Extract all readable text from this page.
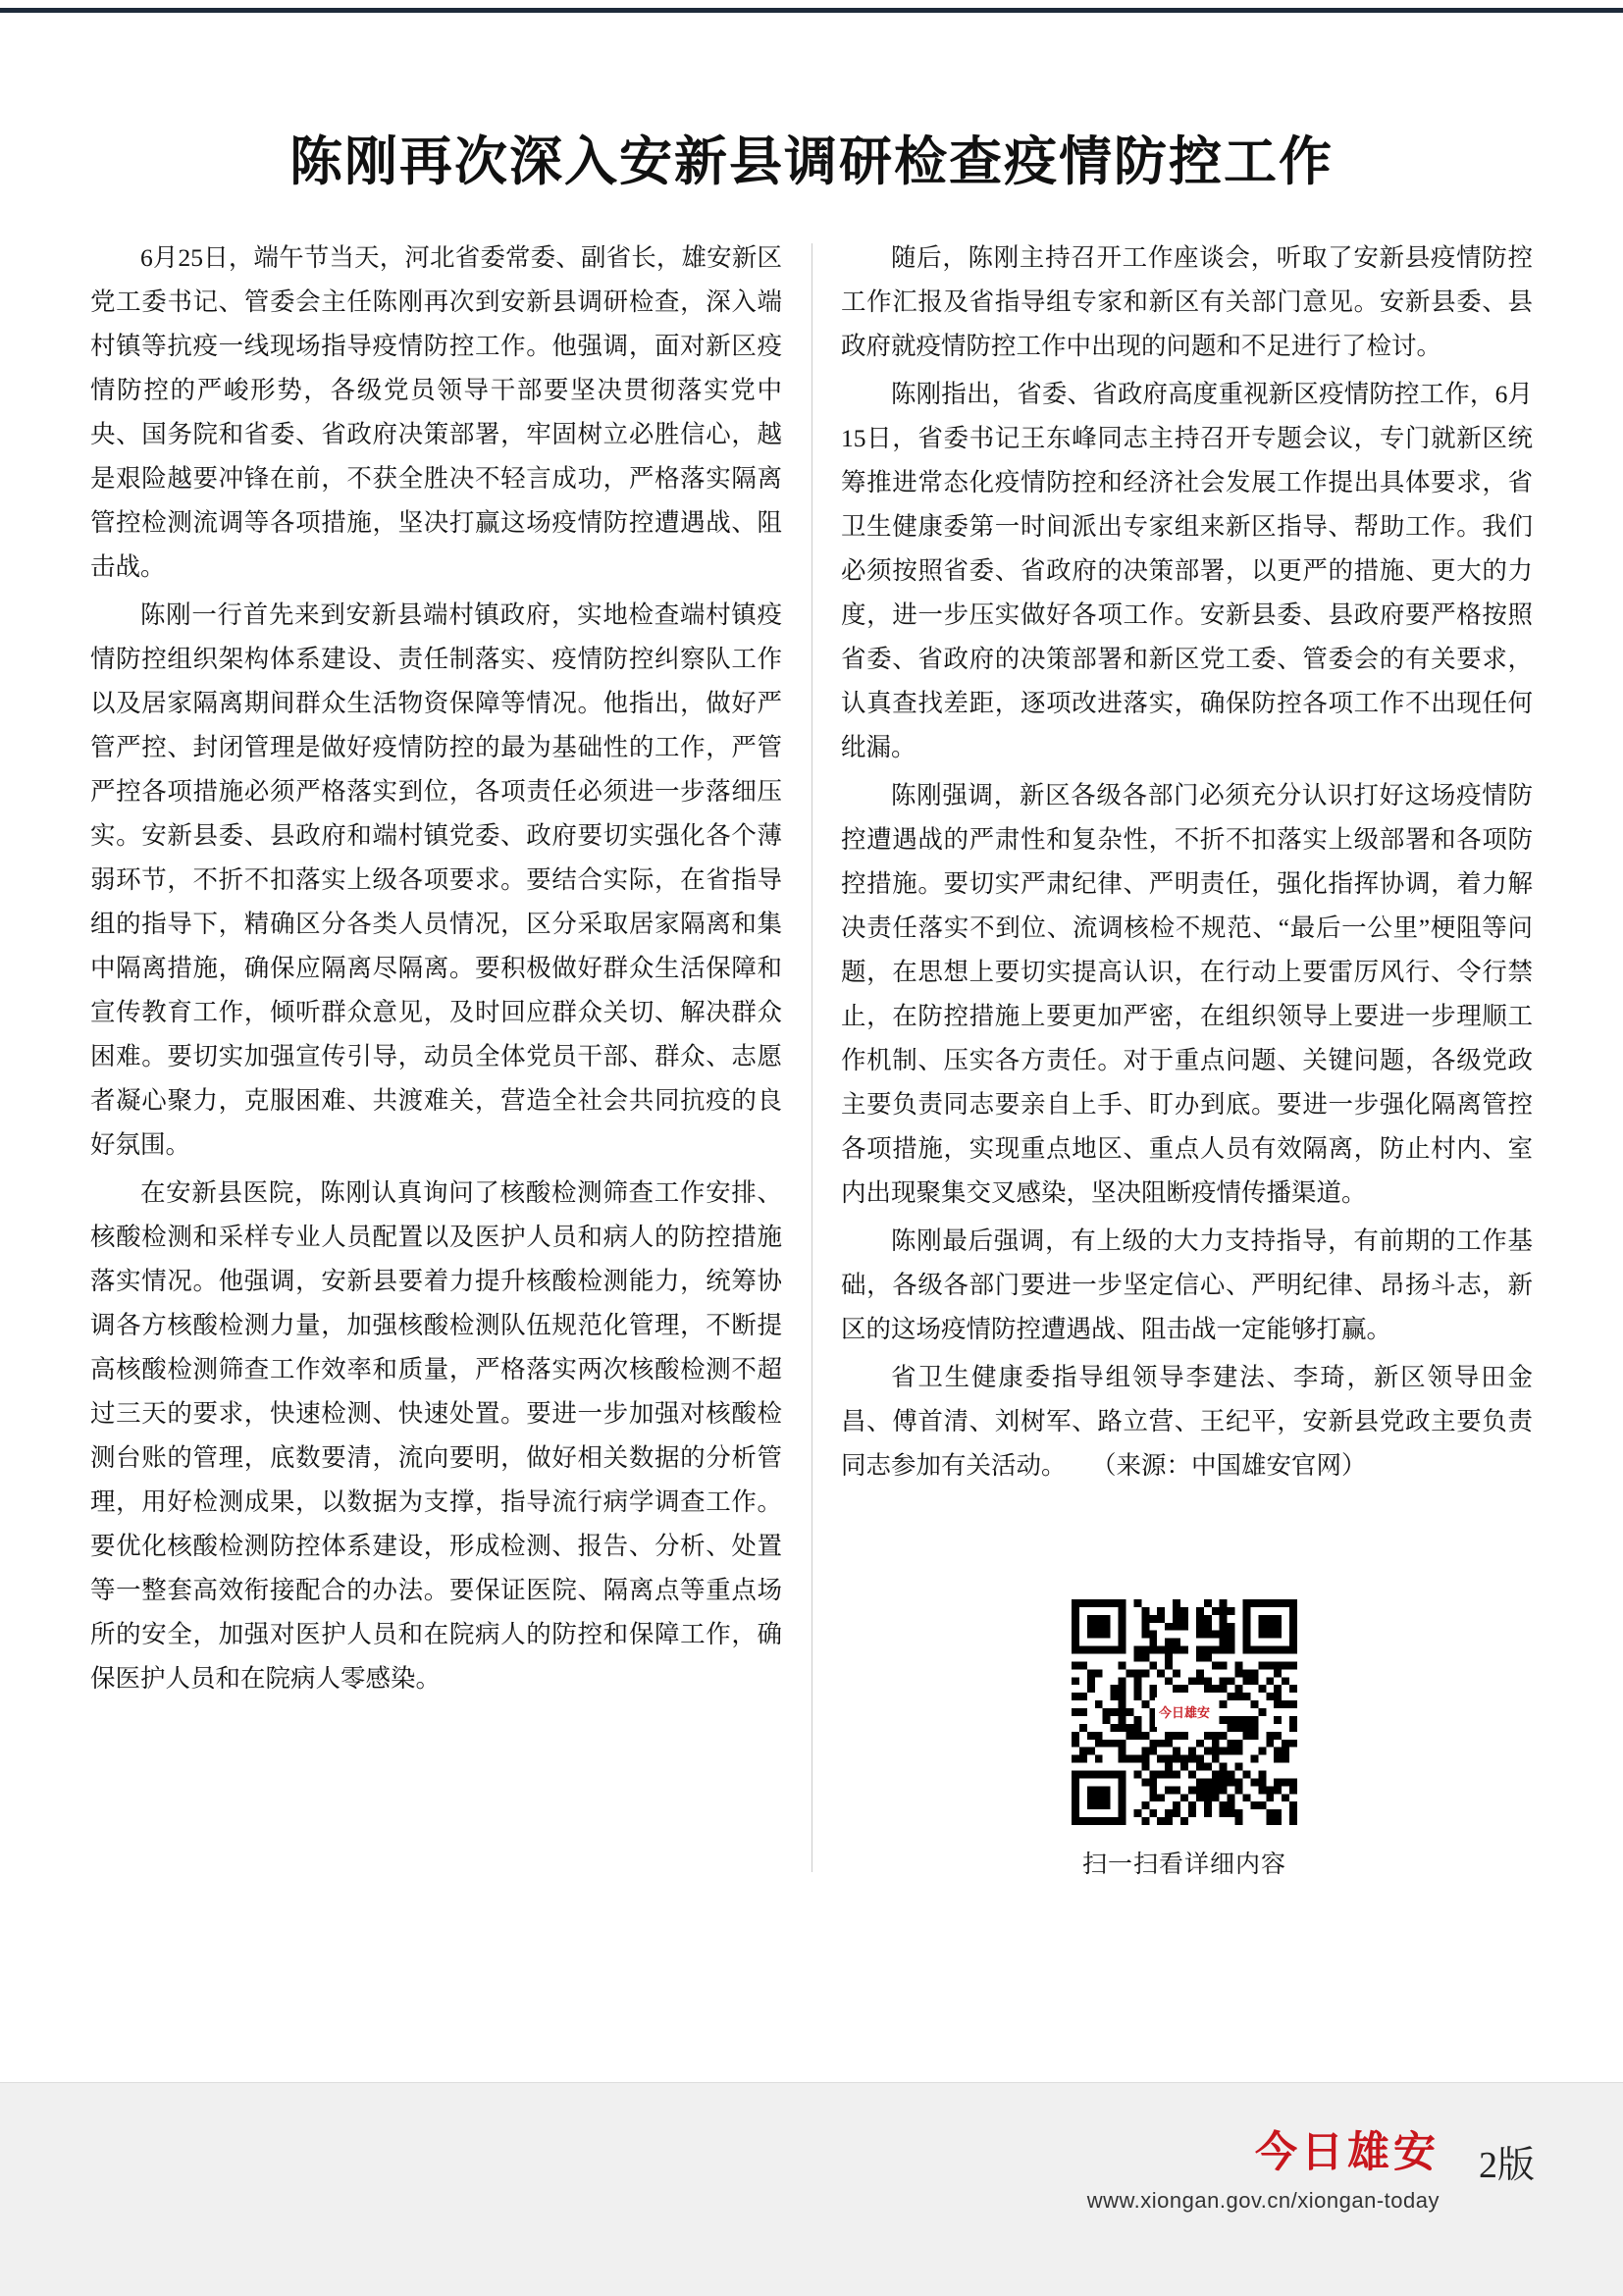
陈刚再次深入安新县调研检查疫情防控工作

6月25日，端午节当天，河北省委常委、副省长，雄安新区党工委书记、管委会主任陈刚再次到安新县调研检查，深入端村镇等抗疫一线现场指导疫情防控工作。他强调，面对新区疫情防控的严峻形势，各级党员领导干部要坚决贯彻落实党中央、国务院和省委、省政府决策部署，牢固树立必胜信心，越是艰险越要冲锋在前，不获全胜决不轻言成功，严格落实隔离管控检测流调等各项措施，坚决打赢这场疫情防控遭遇战、阻击战。

陈刚一行首先来到安新县端村镇政府，实地检查端村镇疫情防控组织架构体系建设、责任制落实、疫情防控纠察队工作以及居家隔离期间群众生活物资保障等情况。他指出，做好严管严控、封闭管理是做好疫情防控的最为基础性的工作，严管严控各项措施必须严格落实到位，各项责任必须进一步落细压实。安新县委、县政府和端村镇党委、政府要切实强化各个薄弱环节，不折不扣落实上级各项要求。要结合实际，在省指导组的指导下，精确区分各类人员情况，区分采取居家隔离和集中隔离措施，确保应隔离尽隔离。要积极做好群众生活保障和宣传教育工作，倾听群众意见，及时回应群众关切、解决群众困难。要切实加强宣传引导，动员全体党员干部、群众、志愿者凝心聚力，克服困难、共渡难关，营造全社会共同抗疫的良好氛围。

在安新县医院，陈刚认真询问了核酸检测筛查工作安排、核酸检测和采样专业人员配置以及医护人员和病人的防控措施落实情况。他强调，安新县要着力提升核酸检测能力，统筹协调各方核酸检测力量，加强核酸检测队伍规范化管理，不断提高核酸检测筛查工作效率和质量，严格落实两次核酸检测不超过三天的要求，快速检测、快速处置。要进一步加强对核酸检测台账的管理，底数要清，流向要明，做好相关数据的分析管理，用好检测成果，以数据为支撑，指导流行病学调查工作。要优化核酸检测防控体系建设，形成检测、报告、分析、处置等一整套高效衔接配合的办法。要保证医院、隔离点等重点场所的安全，加强对医护人员和在院病人的防控和保障工作，确保医护人员和在院病人零感染。

随后，陈刚主持召开工作座谈会，听取了安新县疫情防控工作汇报及省指导组专家和新区有关部门意见。安新县委、县政府就疫情防控工作中出现的问题和不足进行了检讨。

陈刚指出，省委、省政府高度重视新区疫情防控工作，6月15日，省委书记王东峰同志主持召开专题会议，专门就新区统筹推进常态化疫情防控和经济社会发展工作提出具体要求，省卫生健康委第一时间派出专家组来新区指导、帮助工作。我们必须按照省委、省政府的决策部署，以更严的措施、更大的力度，进一步压实做好各项工作。安新县委、县政府要严格按照省委、省政府的决策部署和新区党工委、管委会的有关要求，认真查找差距，逐项改进落实，确保防控各项工作不出现任何纰漏。

陈刚强调，新区各级各部门必须充分认识打好这场疫情防控遭遇战的严肃性和复杂性，不折不扣落实上级部署和各项防控措施。要切实严肃纪律、严明责任，强化指挥协调，着力解决责任落实不到位、流调核检不规范、“最后一公里”梗阻等问题，在思想上要切实提高认识，在行动上要雷厉风行、令行禁止，在防控措施上要更加严密，在组织领导上要进一步理顺工作机制、压实各方责任。对于重点问题、关键问题，各级党政主要负责同志要亲自上手、盯办到底。要进一步强化隔离管控各项措施，实现重点地区、重点人员有效隔离，防止村内、室内出现聚集交叉感染，坚决阻断疫情传播渠道。

陈刚最后强调，有上级的大力支持指导，有前期的工作基础，各级各部门要进一步坚定信心、严明纪律、昂扬斗志，新区的这场疫情防控遭遇战、阻击战一定能够打赢。

省卫生健康委指导组领导李建法、李琦，新区领导田金昌、傅首清、刘树军、路立营、王纪平，安新县党政主要负责同志参加有关活动。　　（来源：中国雄安官网）

今日雄安
扫一扫看详细内容
今日雄安
www.xiongan.gov.cn/xiongan-today
2版
